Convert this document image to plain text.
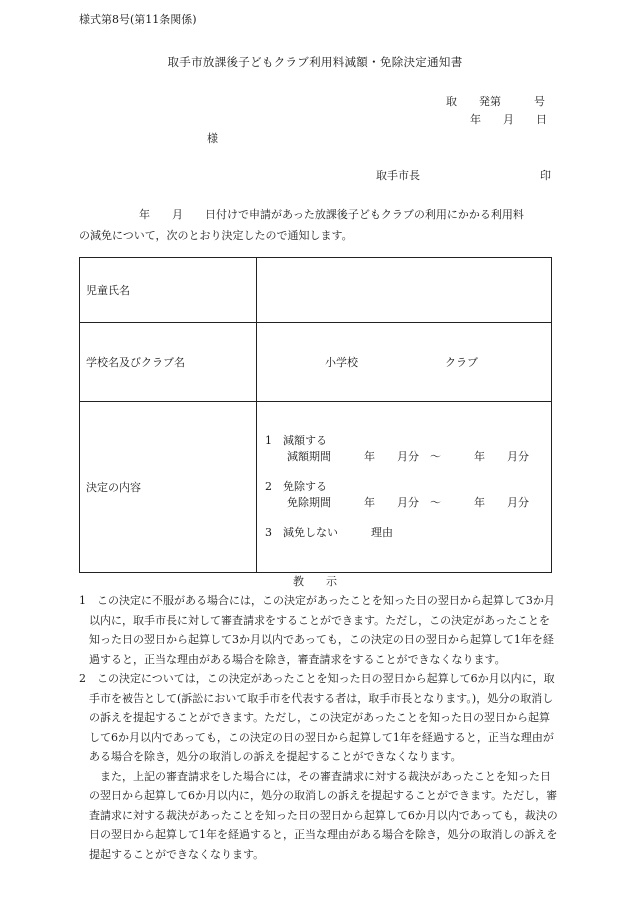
様式第8号(第11条関係)
取手市放課後子どもクラブ利用料減額・免除決定通知書
取　　発第　　　号
年　　月　　日
様
取手市長	印
年　　月　　日付けで申請があった放課後子どもクラブの利用にかかる利用料
の減免について，次のとおり決定したので通知します。
児童氏名	
学校名及びクラブ名	小学校 クラブ

決定の内容	1　減額する
減額期間　　　年　　月分　～　　　年　　月分
2　免除する
免除期間　　　年　　月分　～　　　年　　月分
3　減免しない　　　理由
教　　示

1　この決定に不服がある場合には，この決定があったことを知った日の翌日から起算して3か月以内に，取手市長に対して審査請求をすることができます。ただし，この決定があったことを知った日の翌日から起算して3か月以内であっても，この決定の日の翌日から起算して1年を経過すると，正当な理由がある場合を除き，審査請求をすることができなくなります。

2　この決定については，この決定があったことを知った日の翌日から起算して6か月以内に，取手市を被告として(訴訟において取手市を代表する者は，取手市長となります。)，処分の取消しの訴えを提起することができます。ただし，この決定があったことを知った日の翌日から起算して6か月以内であっても，この決定の日の翌日から起算して1年を経過すると，正当な理由がある場合を除き，処分の取消しの訴えを提起することができなくなります。

また，上記の審査請求をした場合には，その審査請求に対する裁決があったことを知った日の翌日から起算して6か月以内に，処分の取消しの訴えを提起することができます。ただし，審査請求に対する裁決があったことを知った日の翌日から起算して6か月以内であっても，裁決の日の翌日から起算して1年を経過すると，正当な理由がある場合を除き，処分の取消しの訴えを提起することができなくなります。
